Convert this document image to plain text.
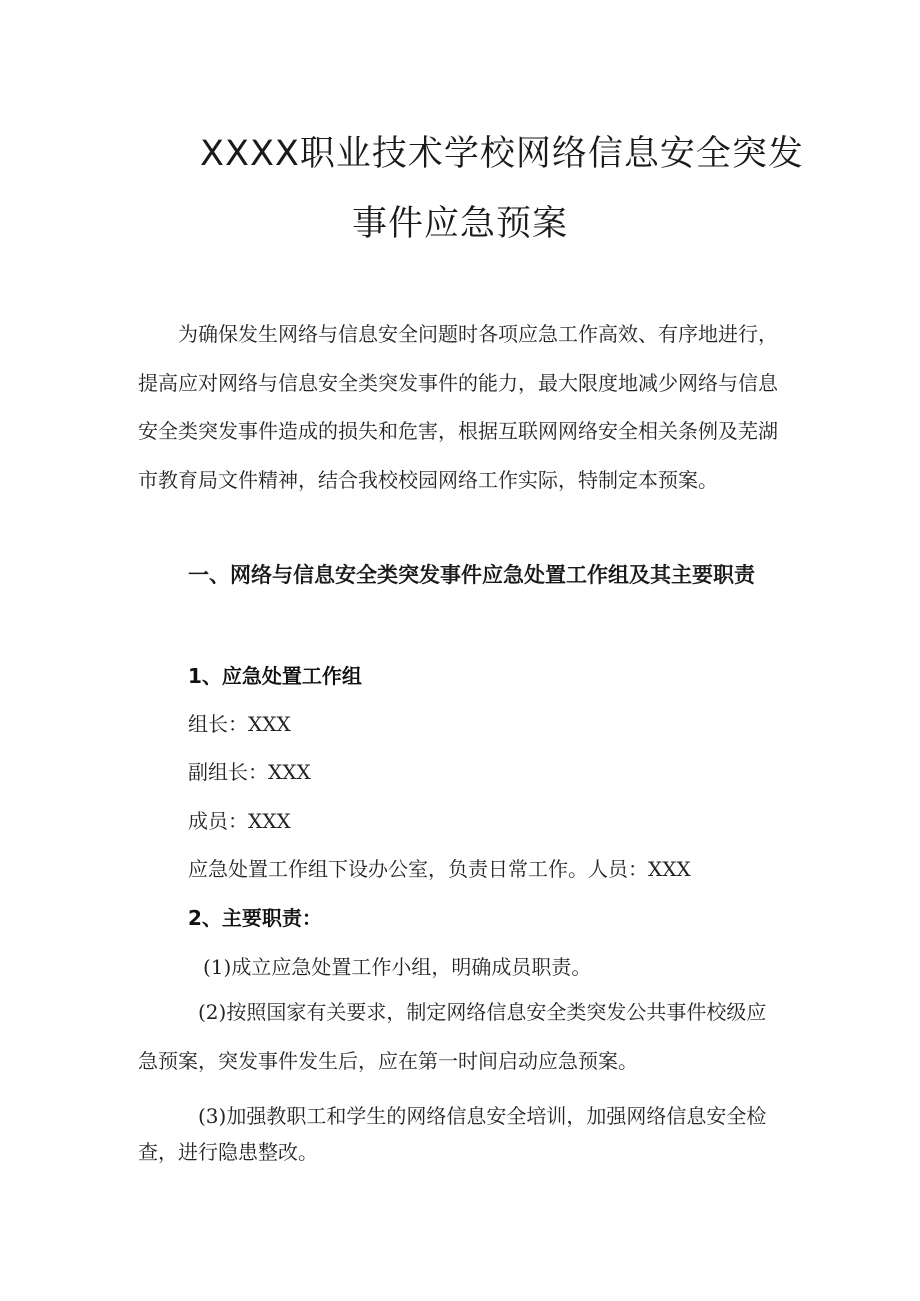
XXXX职业技术学校网络信息安全突发
事件应急预案

为确保发生网络与信息安全问题时各项应急工作高效、有序地进行，提高应对网络与信息安全类突发事件的能力，最大限度地减少网络与信息安全类突发事件造成的损失和危害，根据互联网网络安全相关条例及芜湖市教育局文件精神，结合我校校园网络工作实际，特制定本预案。

一、网络与信息安全类突发事件应急处置工作组及其主要职责

1、应急处置工作组

组长：XXX

副组长：XXX

成员：XXX

应急处置工作组下设办公室，负责日常工作。人员：XXX

2、主要职责：

(1)成立应急处置工作小组，明确成员职责。

(2)按照国家有关要求，制定网络信息安全类突发公共事件校级应急预案，突发事件发生后，应在第一时间启动应急预案。

(3)加强教职工和学生的网络信息安全培训，加强网络信息安全检查，进行隐患整改。
